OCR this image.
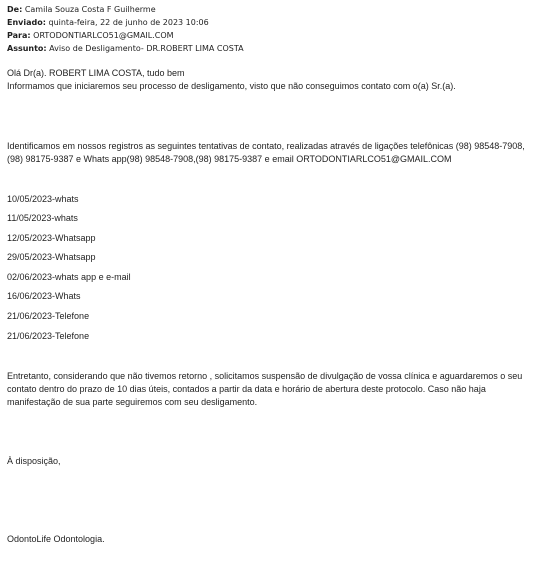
De: Camila Souza Costa F Guilherme
Enviado: quinta-feira, 22 de junho de 2023 10:06
Para: ORTODONTIARLCO51@GMAIL.COM
Assunto: Aviso de Desligamento- DR.ROBERT LIMA COSTA
Olá Dr(a). ROBERT LIMA COSTA, tudo bem
Informamos que iniciaremos seu processo de desligamento, visto que não conseguimos contato com o(a) Sr.(a).
Identificamos em nossos registros as seguintes tentativas de contato, realizadas através de ligações telefônicas (98) 98548-7908,(98) 98175-9387 e Whats app(98) 98548-7908,(98) 98175-9387 e email ORTODONTIARLCO51@GMAIL.COM
10/05/2023-whats
11/05/2023-whats
12/05/2023-Whatsapp
29/05/2023-Whatsapp
02/06/2023-whats app e e-mail
16/06/2023-Whats
21/06/2023-Telefone
21/06/2023-Telefone
Entretanto, considerando que não tivemos retorno , solicitamos suspensão de divulgação de vossa clínica e aguardaremos o seu contato dentro do prazo de 10 dias úteis, contados a partir da data e horário de abertura deste protocolo. Caso não haja manifestação de sua parte seguiremos com seu desligamento.
À disposição,
OdontoLife Odontologia.
